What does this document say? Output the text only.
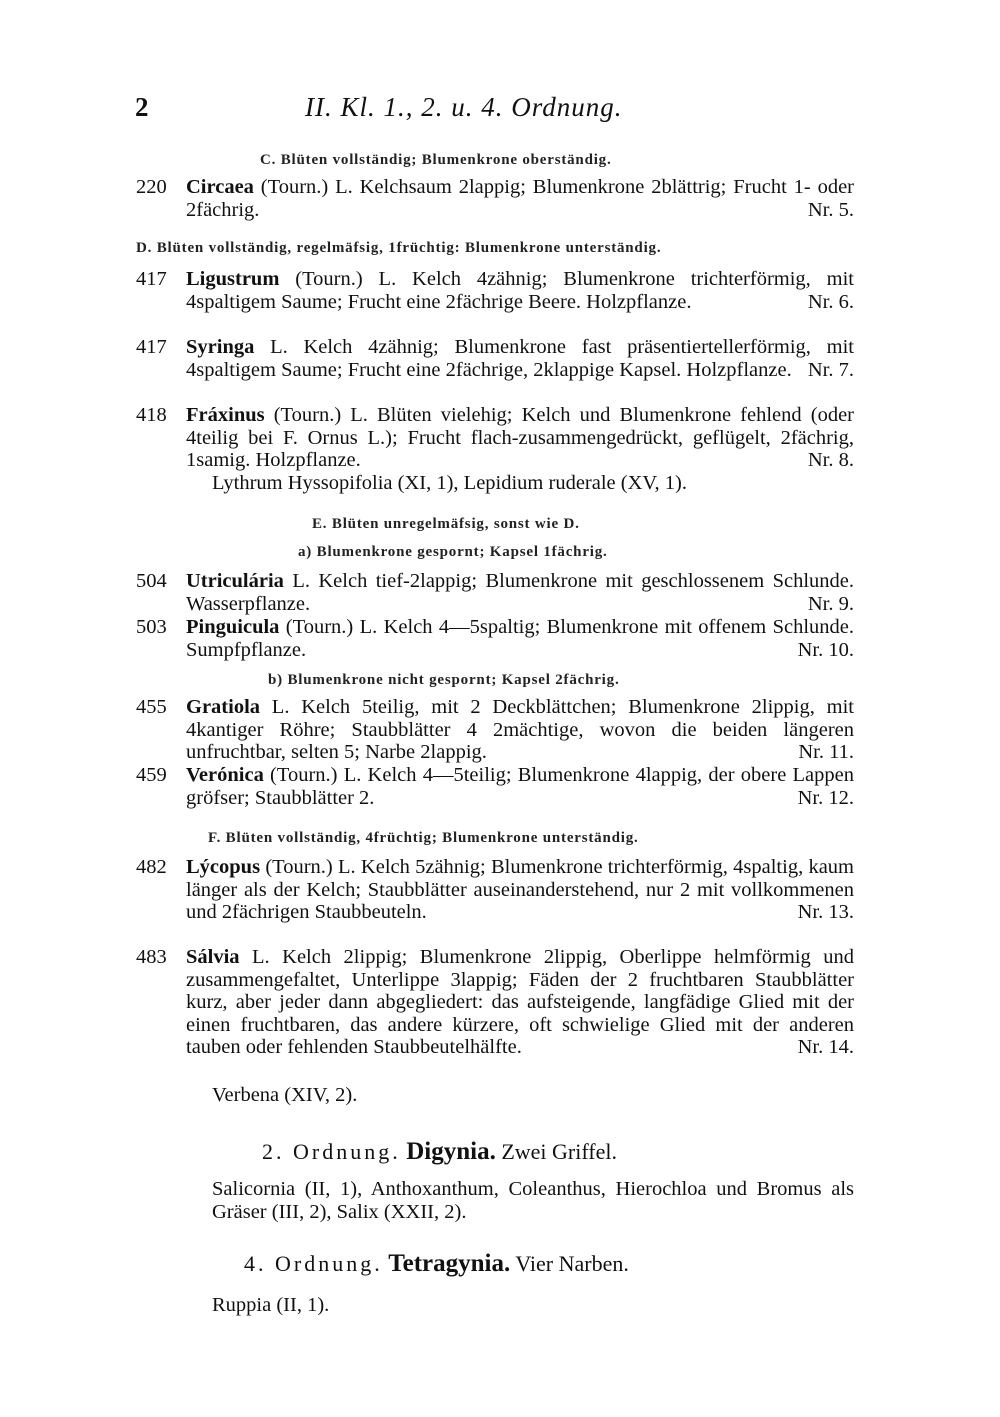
2	II. Kl. 1., 2. u. 4. Ordnung.
C. Blüten vollständig; Blumenkrone oberständig.
220 Circaea (Tourn.) L. Kelchsaum 2lappig; Blumenkrone 2blättrig; Frucht 1- oder 2fächrig.	Nr. 5.
D. Blüten vollständig, regelmäfsig, 1früchtig: Blumenkrone unterständig.
417 Ligustrum (Tourn.) L. Kelch 4zähnig; Blumenkrone trichterförmig, mit 4spaltigem Saume; Frucht eine 2fächrige Beere. Holzpflanze.	Nr. 6.
417 Syringa L. Kelch 4zähnig; Blumenkrone fast präsentiertellerförmig, mit 4spaltigem Saume; Frucht eine 2fächrige, 2klappige Kapsel. Holzpflanze. Nr. 7.
418 Fráxinus (Tourn.) L. Blüten vielehig; Kelch und Blumenkrone fehlend (oder 4teilig bei F. Ornus L.); Frucht flach-zusammengedrückt, geflügelt, 2fächrig, 1samig. Holzpflanze.	Nr. 8.
Lythrum Hyssopifolia (XI, 1), Lepidium ruderale (XV, 1).
E. Blüten unregelmäfsig, sonst wie D.
a) Blumenkrone gespornt; Kapsel 1fächrig.
504 Utriculária L. Kelch tief-2lappig; Blumenkrone mit geschlossenem Schlunde. Wasserpflanze.	Nr. 9.
503 Pinguicula (Tourn.) L. Kelch 4—5spaltig; Blumenkrone mit offenem Schlunde. Sumpfpflanze.	Nr. 10.
b) Blumenkrone nicht gespornt; Kapsel 2fächrig.
455 Gratiola L. Kelch 5teilig, mit 2 Deckblättchen; Blumenkrone 2lippig, mit 4kantiger Röhre; Staubblätter 4 2mächtige, wovon die beiden längeren unfruchtbar, selten 5; Narbe 2lappig.	Nr. 11.
459 Verónica (Tourn.) L. Kelch 4—5teilig; Blumenkrone 4lappig, der obere Lappen gröfser; Staubblätter 2.	Nr. 12.
F. Blüten vollständig, 4früchtig; Blumenkrone unterständig.
482 Lýcopus (Tourn.) L. Kelch 5zähnig; Blumenkrone trichterförmig, 4spaltig, kaum länger als der Kelch; Staubblätter auseinanderstehend, nur 2 mit vollkommenen und 2fächrigen Staubbeuteln.	Nr. 13.
483 Sálvia L. Kelch 2lippig; Blumenkrone 2lippig, Oberlippe helmförmig und zusammengefaltet, Unterlippe 3lappig; Fäden der 2 fruchtbaren Staubblätter kurz, aber jeder dann abgegliedert: das aufsteigende, langfädige Glied mit der einen fruchtbaren, das andere kürzere, oft schwielige Glied mit der anderen tauben oder fehlenden Staubbeutelhälfte.	Nr. 14.
Verbena (XIV, 2).
2. Ordnung. Digynia. Zwei Griffel.
Salicornia (II, 1), Anthoxanthum, Coleanthus, Hierochloa und Bromus als Gräser (III, 2), Salix (XXII, 2).
4. Ordnung. Tetragynia. Vier Narben.
Ruppia (II, 1).
